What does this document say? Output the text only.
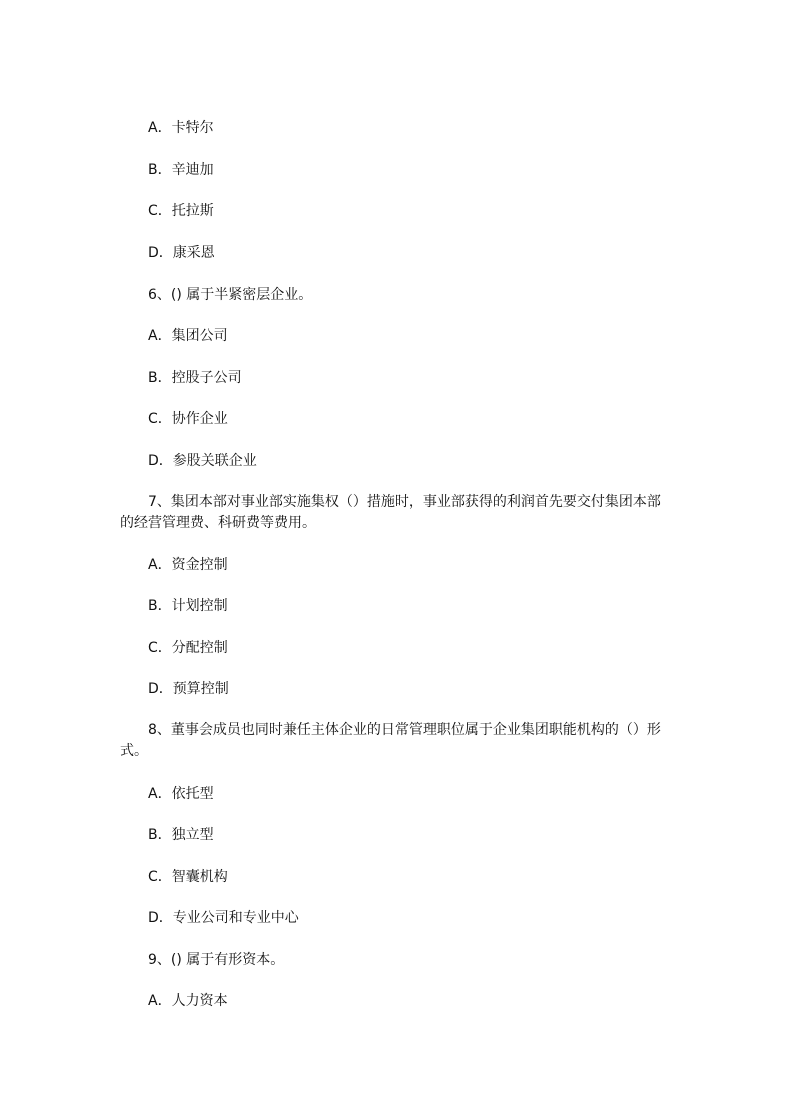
A．卡特尔
B．辛迪加
C．托拉斯
D．康采恩
6、() 属于半紧密层企业。
A．集团公司
B．控股子公司
C．协作企业
D．参股关联企业
7、集团本部对事业部实施集权（）措施时，事业部获得的利润首先要交付集团本部的经营管理费、科研费等费用。
A．资金控制
B．计划控制
C．分配控制
D．预算控制
8、董事会成员也同时兼任主体企业的日常管理职位属于企业集团职能机构的（）形式。
A．依托型
B．独立型
C．智囊机构
D．专业公司和专业中心
9、() 属于有形资本。
A．人力资本
